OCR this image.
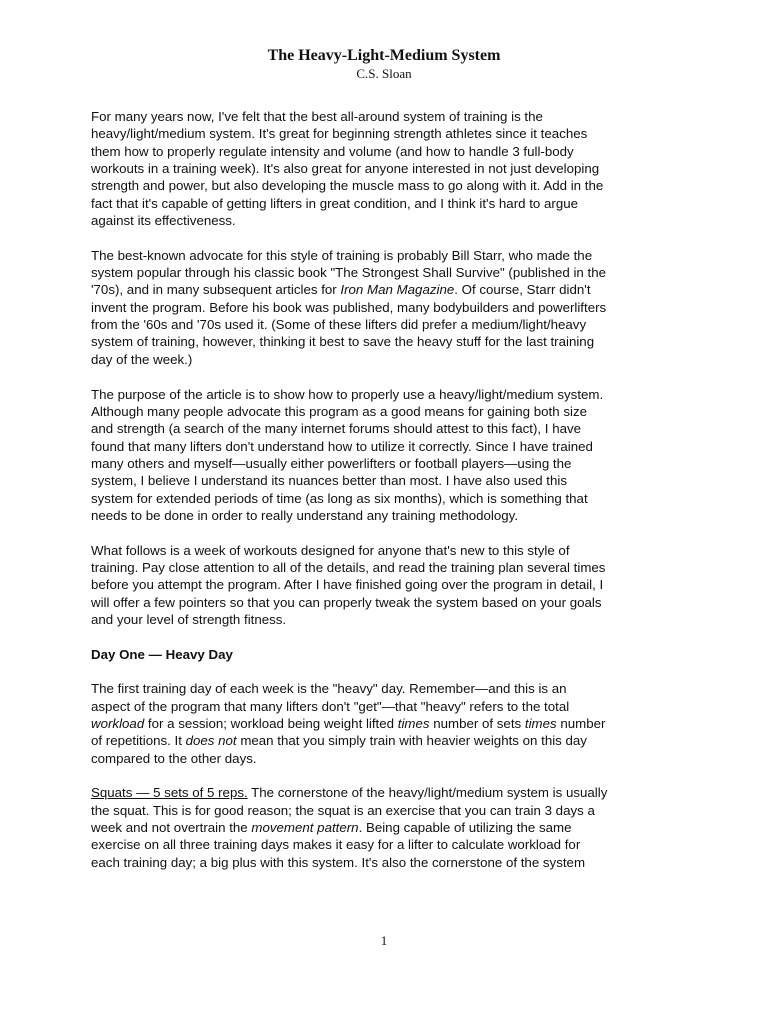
The Heavy-Light-Medium System

C.S. Sloan

For many years now, I've felt that the best all-around system of training is the
heavy/light/medium system. It's great for beginning strength athletes since it teaches
them how to properly regulate intensity and volume (and how to handle 3 full-body
workouts in a training week). It's also great for anyone interested in not just developing
strength and power, but also developing the muscle mass to go along with it. Add in the
fact that it's capable of getting lifters in great condition, and I think it's hard to argue
against its effectiveness.

The best-known advocate for this style of training is probably Bill Starr, who made the
system popular through his classic book "The Strongest Shall Survive" (published in the
'70s), and in many subsequent articles for Iron Man Magazine. Of course, Starr didn't
invent the program. Before his book was published, many bodybuilders and powerlifters
from the '60s and '70s used it. (Some of these lifters did prefer a medium/light/heavy
system of training, however, thinking it best to save the heavy stuff for the last training
day of the week.)

The purpose of the article is to show how to properly use a heavy/light/medium system.
Although many people advocate this program as a good means for gaining both size
and strength (a search of the many internet forums should attest to this fact), I have
found that many lifters don't understand how to utilize it correctly. Since I have trained
many others and myself—usually either powerlifters or football players—using the
system, I believe I understand its nuances better than most. I have also used this
system for extended periods of time (as long as six months), which is something that
needs to be done in order to really understand any training methodology.

What follows is a week of workouts designed for anyone that's new to this style of
training. Pay close attention to all of the details, and read the training plan several times
before you attempt the program. After I have finished going over the program in detail, I
will offer a few pointers so that you can properly tweak the system based on your goals
and your level of strength fitness.

Day One — Heavy Day

The first training day of each week is the "heavy" day. Remember—and this is an
aspect of the program that many lifters don't "get"—that "heavy" refers to the total
workload for a session; workload being weight lifted times number of sets times number
of repetitions. It does not mean that you simply train with heavier weights on this day
compared to the other days.

Squats — 5 sets of 5 reps. The cornerstone of the heavy/light/medium system is usually
the squat. This is for good reason; the squat is an exercise that you can train 3 days a
week and not overtrain the movement pattern. Being capable of utilizing the same
exercise on all three training days makes it easy for a lifter to calculate workload for
each training day; a big plus with this system. It's also the cornerstone of the system

1
